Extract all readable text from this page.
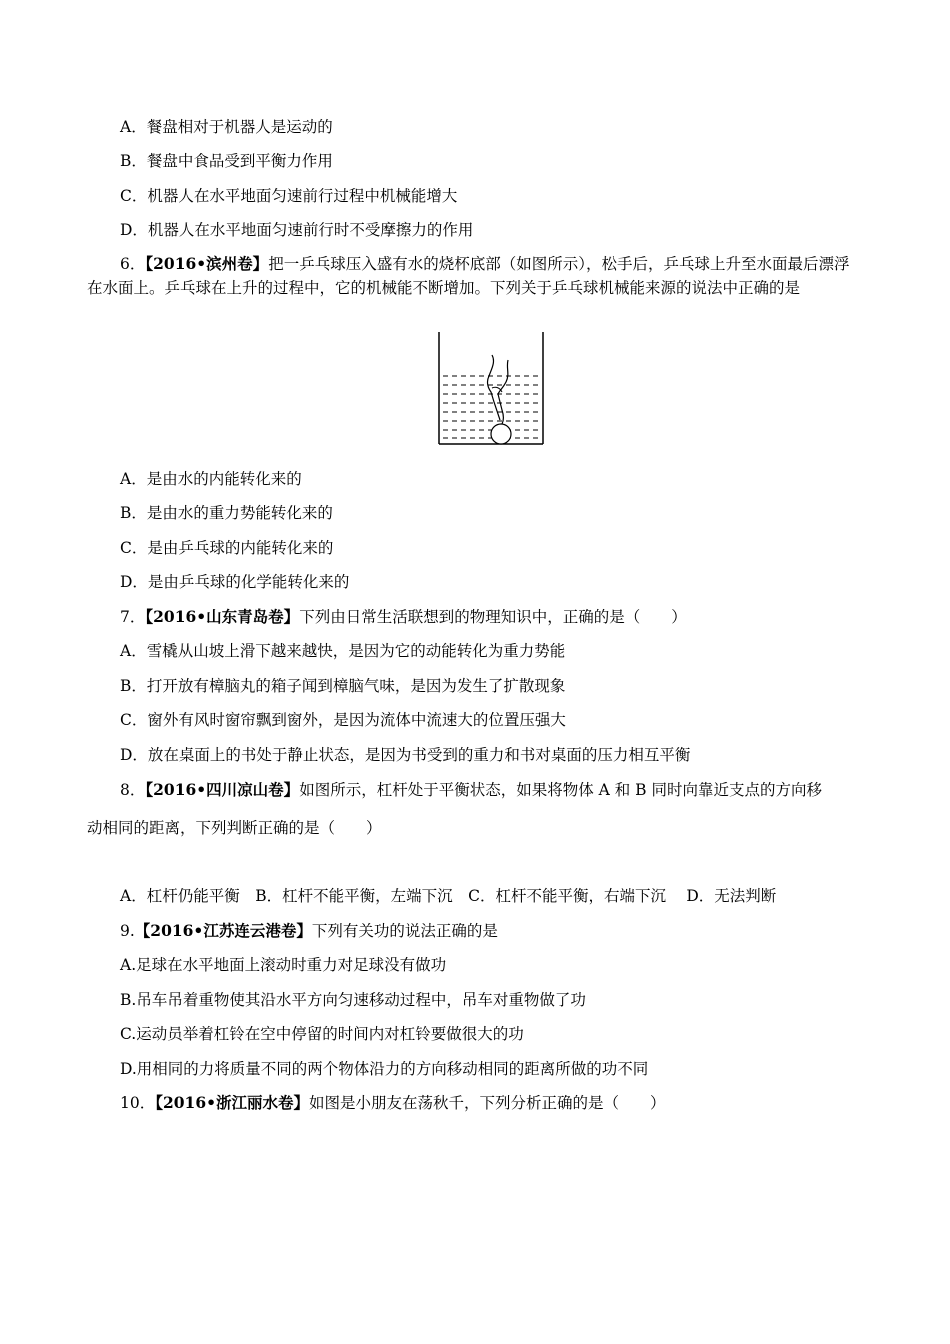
A．餐盘相对于机器人是运动的
B．餐盘中食品受到平衡力作用
C．机器人在水平地面匀速前行过程中机械能增大
D．机器人在水平地面匀速前行时不受摩擦力的作用
6．【2016•滨州卷】把一乒乓球压入盛有水的烧杯底部（如图所示），松手后，乒乓球上升至水面最后漂浮在水面上。乒乓球在上升的过程中，它的机械能不断增加。下列关于乒乓球机械能来源的说法中正确的是
A．是由水的内能转化来的
B．是由水的重力势能转化来的
C．是由乒乓球的内能转化来的
D．是由乒乓球的化学能转化来的
7．【2016•山东青岛卷】下列由日常生活联想到的物理知识中，正确的是（　　）
A．雪橇从山坡上滑下越来越快，是因为它的动能转化为重力势能
B．打开放有樟脑丸的箱子闻到樟脑气味，是因为发生了扩散现象
C．窗外有风时窗帘飘到窗外，是因为流体中流速大的位置压强大
D．放在桌面上的书处于静止状态，是因为书受到的重力和书对桌面的压力相互平衡
8．【2016•四川凉山卷】如图所示，杠杆处于平衡状态，如果将物体 A 和 B 同时向靠近支点的方向移
动相同的距离，下列判断正确的是（　　）
A．杠杆仍能平衡　B．杠杆不能平衡，左端下沉　C．杠杆不能平衡，右端下沉　 D．无法判断
9.【2016•江苏连云港卷】下列有关功的说法正确的是
A.足球在水平地面上滚动时重力对足球没有做功
B.吊车吊着重物使其沿水平方向匀速移动过程中，吊车对重物做了功
C.运动员举着杠铃在空中停留的时间内对杠铃要做很大的功
D.用相同的力将质量不同的两个物体沿力的方向移动相同的距离所做的功不同
10．【2016•浙江丽水卷】如图是小朋友在荡秋千，下列分析正确的是（　　）
